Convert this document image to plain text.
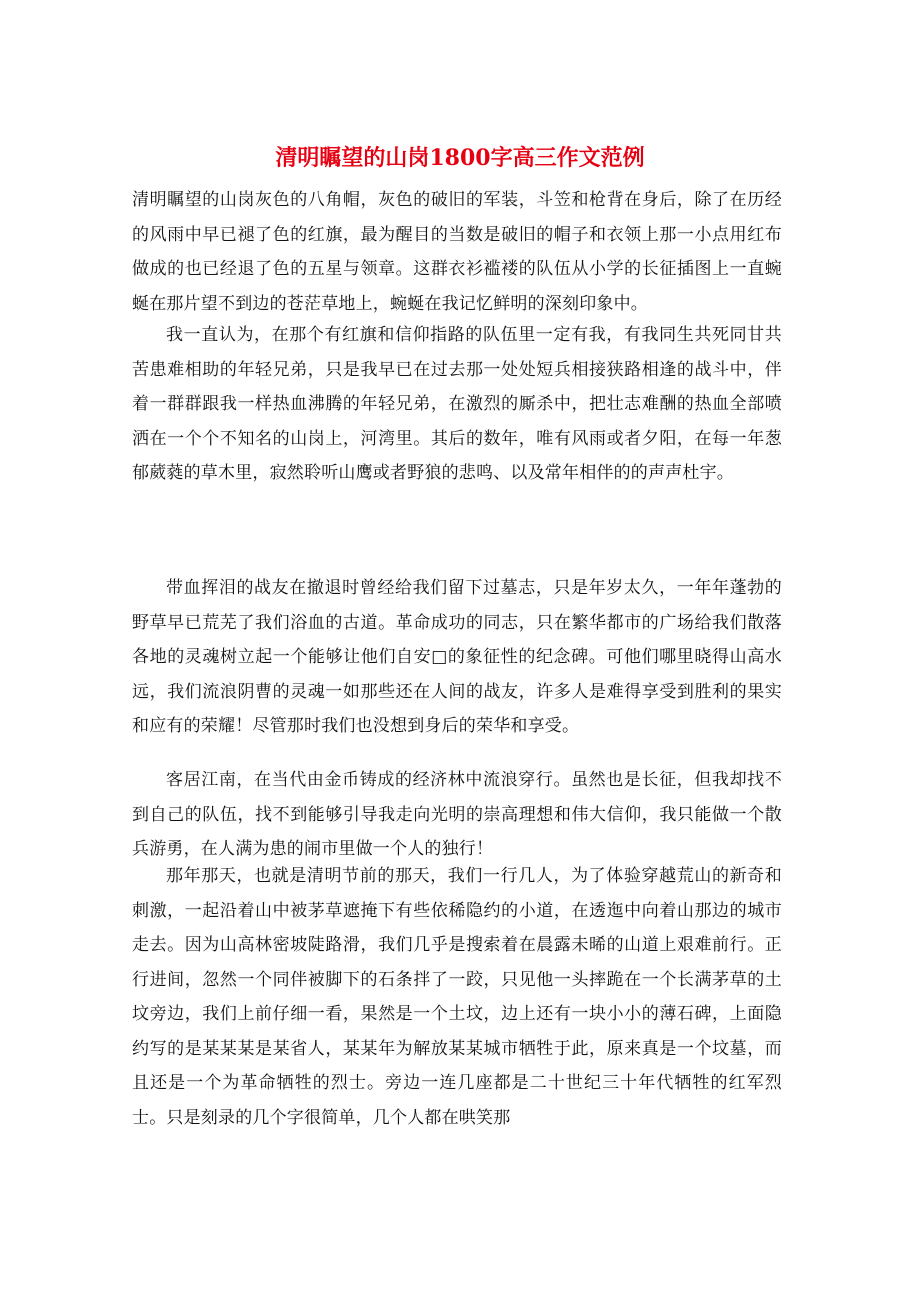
清明瞩望的山岗1800字高三作文范例

清明瞩望的山岗灰色的八角帽，灰色的破旧的军装，斗笠和枪背在身后，除了在历经的风雨中早已褪了色的红旗，最为醒目的当数是破旧的帽子和衣领上那一小点用红布做成的也已经退了色的五星与领章。这群衣衫褴褛的队伍从小学的长征插图上一直蜿蜒在那片望不到边的苍茫草地上，蜿蜒在我记忆鲜明的深刻印象中。

我一直认为，在那个有红旗和信仰指路的队伍里一定有我，有我同生共死同甘共苦患难相助的年轻兄弟，只是我早已在过去那一处处短兵相接狭路相逢的战斗中，伴着一群群跟我一样热血沸腾的年轻兄弟，在激烈的厮杀中，把壮志难酬的热血全部喷洒在一个个不知名的山岗上，河湾里。其后的数年，唯有风雨或者夕阳，在每一年葱郁葳蕤的草木里，寂然聆听山鹰或者野狼的悲鸣、以及常年相伴的的声声杜宇。

带血挥泪的战友在撤退时曾经给我们留下过墓志，只是年岁太久，一年年蓬勃的野草早已荒芜了我们浴血的古道。革命成功的同志，只在繁华都市的广场给我们散落各地的灵魂树立起一个能够让他们自安□的象征性的纪念碑。可他们哪里晓得山高水远，我们流浪阴曹的灵魂一如那些还在人间的战友，许多人是难得享受到胜利的果实和应有的荣耀！尽管那时我们也没想到身后的荣华和享受。

客居江南，在当代由金币铸成的经济林中流浪穿行。虽然也是长征，但我却找不到自己的队伍，找不到能够引导我走向光明的崇高理想和伟大信仰，我只能做一个散兵游勇，在人满为患的闹市里做一个人的独行！

那年那天，也就是清明节前的那天，我们一行几人，为了体验穿越荒山的新奇和刺激，一起沿着山中被茅草遮掩下有些依稀隐约的小道，在透迤中向着山那边的城市走去。因为山高林密坡陡路滑，我们几乎是搜索着在晨露未晞的山道上艰难前行。正行进间，忽然一个同伴被脚下的石条拌了一跤，只见他一头摔跪在一个长满茅草的土坟旁边，我们上前仔细一看，果然是一个土坟，边上还有一块小小的薄石碑，上面隐约写的是某某某是某省人，某某年为解放某某城市牺牲于此，原来真是一个坟墓，而且还是一个为革命牺牲的烈士。旁边一连几座都是二十世纪三十年代牺牲的红军烈士。只是刻录的几个字很简单，几个人都在哄笑那
